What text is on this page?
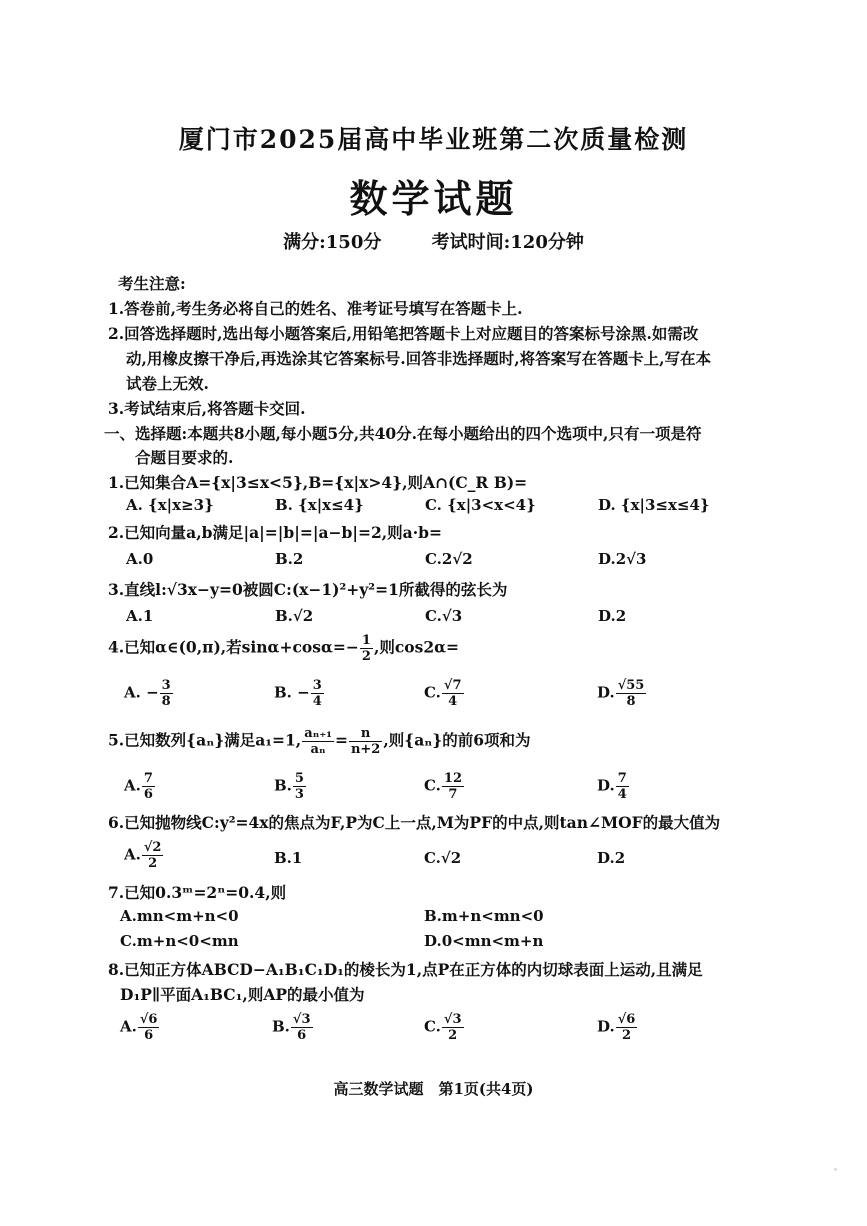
厦门市2025届高中毕业班第二次质量检测
数学试题
满分:150分	考试时间:120分钟
考生注意:
1.答卷前,考生务必将自己的姓名、准考证号填写在答题卡上.
2.回答选择题时,选出每小题答案后,用铅笔把答题卡上对应题目的答案标号涂黑.如需改
动,用橡皮擦干净后,再选涂其它答案标号.回答非选择题时,将答案写在答题卡上,写在本
试卷上无效.
3.考试结束后,将答题卡交回.
一、选择题:本题共8小题,每小题5分,共40分.在每小题给出的四个选项中,只有一项是符
合题目要求的.
1.已知集合A={x|3≤x<5},B={x|x>4},则A∩(C_R B)=
A. {x|x≥3}	B. {x|x≤4}	C. {x|3<x<4}	D. {x|3≤x≤4}
2.已知向量a,b满足|a|=|b|=|a−b|=2,则a·b=
A.0	B.2	C.2√2	D.2√3
3.直线l:√3x−y=0被圆C:(x−1)²+y²=1所截得的弦长为
A.1	B.√2	C.√3	D.2
4.已知α∈(0,π),若$\sin\alpha+\cos\alpha=- \frac{1}{2}$ ,则cos2α=
A. − $\frac{3}{8}$	B. − $\frac{3}{4}$	C. $\frac{√7}{4}$	D. $\frac{√55}{8}$
5.已知数列{aₙ}满足a₁=1, $\frac{\text{aₙ₊₁}}{\text{aₙ}} = \frac{n}{n+2}$ ,则{aₙ}的前6项和为
A. $\frac{7}{6}$	B. $\frac{5}{3}$	C. $\frac{12}{7}$	D. $\frac{7}{4}$
6.已知抛物线C:y²=4x的焦点为F,P为C上一点,M为PF的中点,则tan∠MOF的最大值为
A. $\frac{√2}{2}$	B.1	C.√2	D.2
7.已知0.3ᵐ=2ⁿ=0.4,则
A.mn<m+n<0	B.m+n<mn<0
C.m+n<0<mn	D.0<mn<m+n
8.已知正方体ABCD−A₁B₁C₁D₁的棱长为1,点P在正方体的内切球表面上运动,且满足
D₁P∥平面A₁BC₁,则AP的最小值为
A. $\frac{√6}{6}$	B. $\frac{√3}{6}$	C. $\frac{√3}{2}$	D. $\frac{√6}{2}$
高三数学试题　第1页(共4页)
